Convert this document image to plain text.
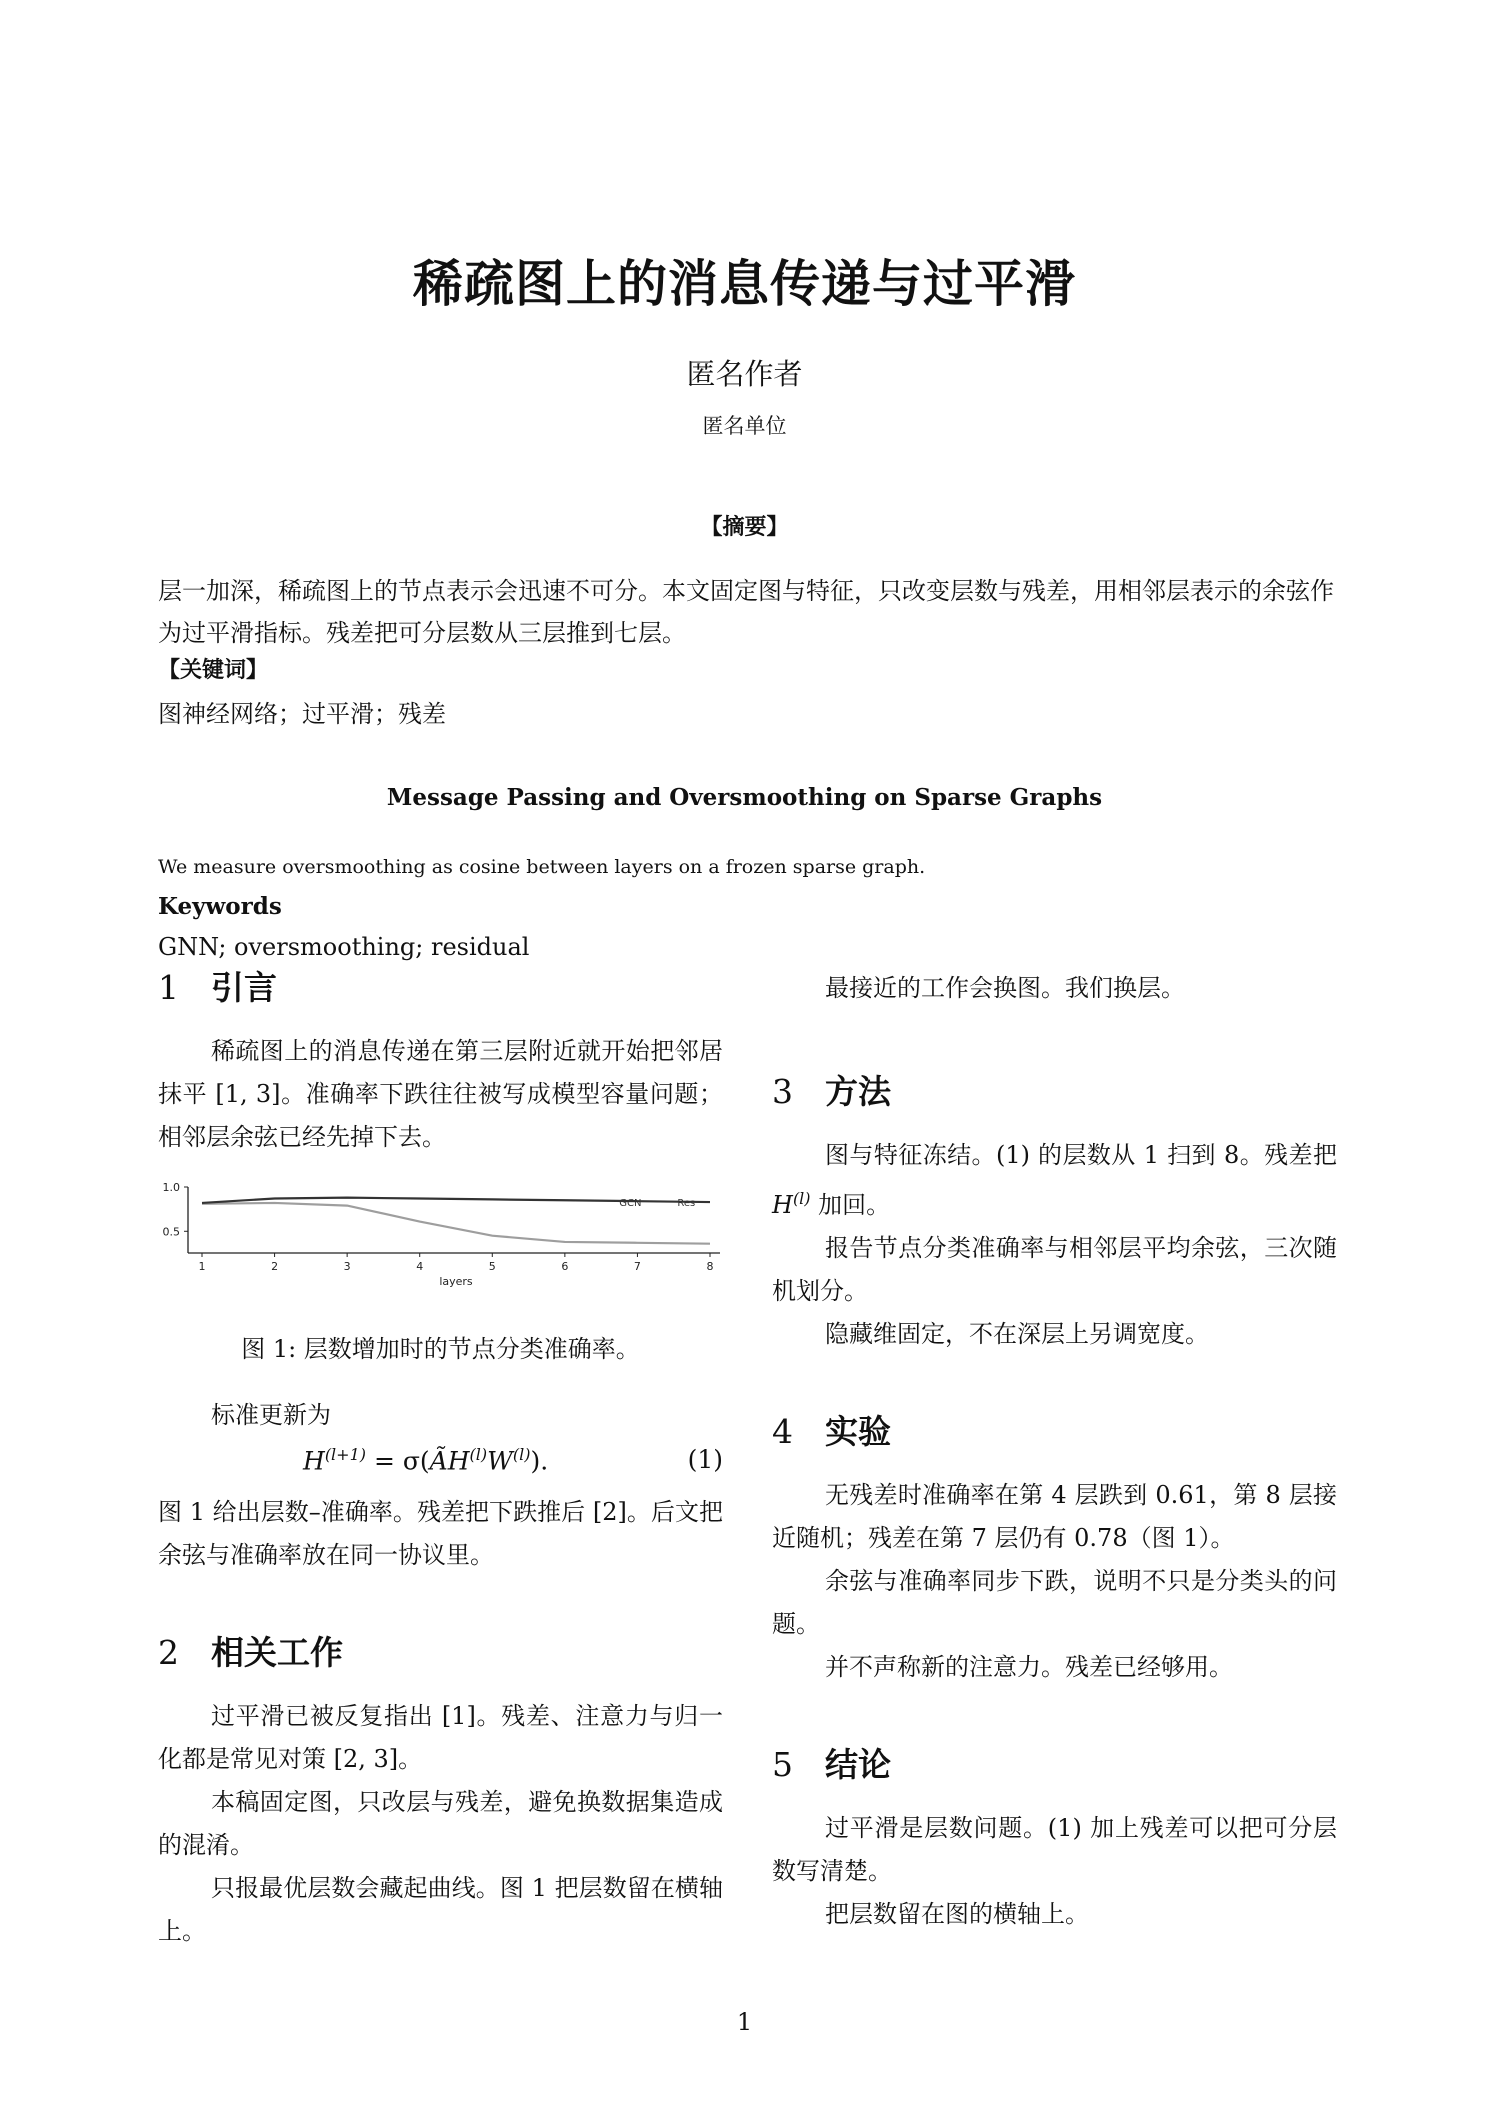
稀疏图上的消息传递与过平滑
匿名作者
匿名单位
【摘要】
层一加深，稀疏图上的节点表示会迅速不可分。本文固定图与特征，只改变层数与残差，用相邻层表示的余弦作为过平滑指标。残差把可分层数从三层推到七层。
【关键词】
图神经网络；过平滑；残差
Message Passing and Oversmoothing on Sparse Graphs
We measure oversmoothing as cosine between layers on a frozen sparse graph.
Keywords
GNN; oversmoothing; residual
1 引言

稀疏图上的消息传递在第三层附近就开始把邻居抹平 [1, 3]。准确率下跌往往被写成模型容量问题；相邻层余弦已经先掉下去。

1.0
0.5
1	2	3	4	5	6	7	8
layers
GCN	Res
图 1: 层数增加时的节点分类准确率。

标准更新为

$H^{(l+1)}$ = $\sigma(ÃH^{(l)}W^{(l)})$.	(1)

图 1 给出层数–准确率。残差把下跌推后 [2]。后文把余弦与准确率放在同一协议里。

2 相关工作

过平滑已被反复指出 [1]。残差、注意力与归一化都是常见对策 [2, 3]。

本稿固定图，只改层与残差，避免换数据集造成的混淆。

只报最优层数会藏起曲线。图 1 把层数留在横轴上。

最接近的工作会换图。我们换层。

3 方法

图与特征冻结。(1) 的层数从 1 扫到 8。残差把 $H^{(l)}$ 加回。

报告节点分类准确率与相邻层平均余弦，三次随机划分。

隐藏维固定，不在深层上另调宽度。

4 实验

无残差时准确率在第 4 层跌到 0.61，第 8 层接近随机；残差在第 7 层仍有 0.78（图 1）。

余弦与准确率同步下跌，说明不只是分类头的问题。

并不声称新的注意力。残差已经够用。

5 结论

过平滑是层数问题。(1) 加上残差可以把可分层数写清楚。

把层数留在图的横轴上。

1
